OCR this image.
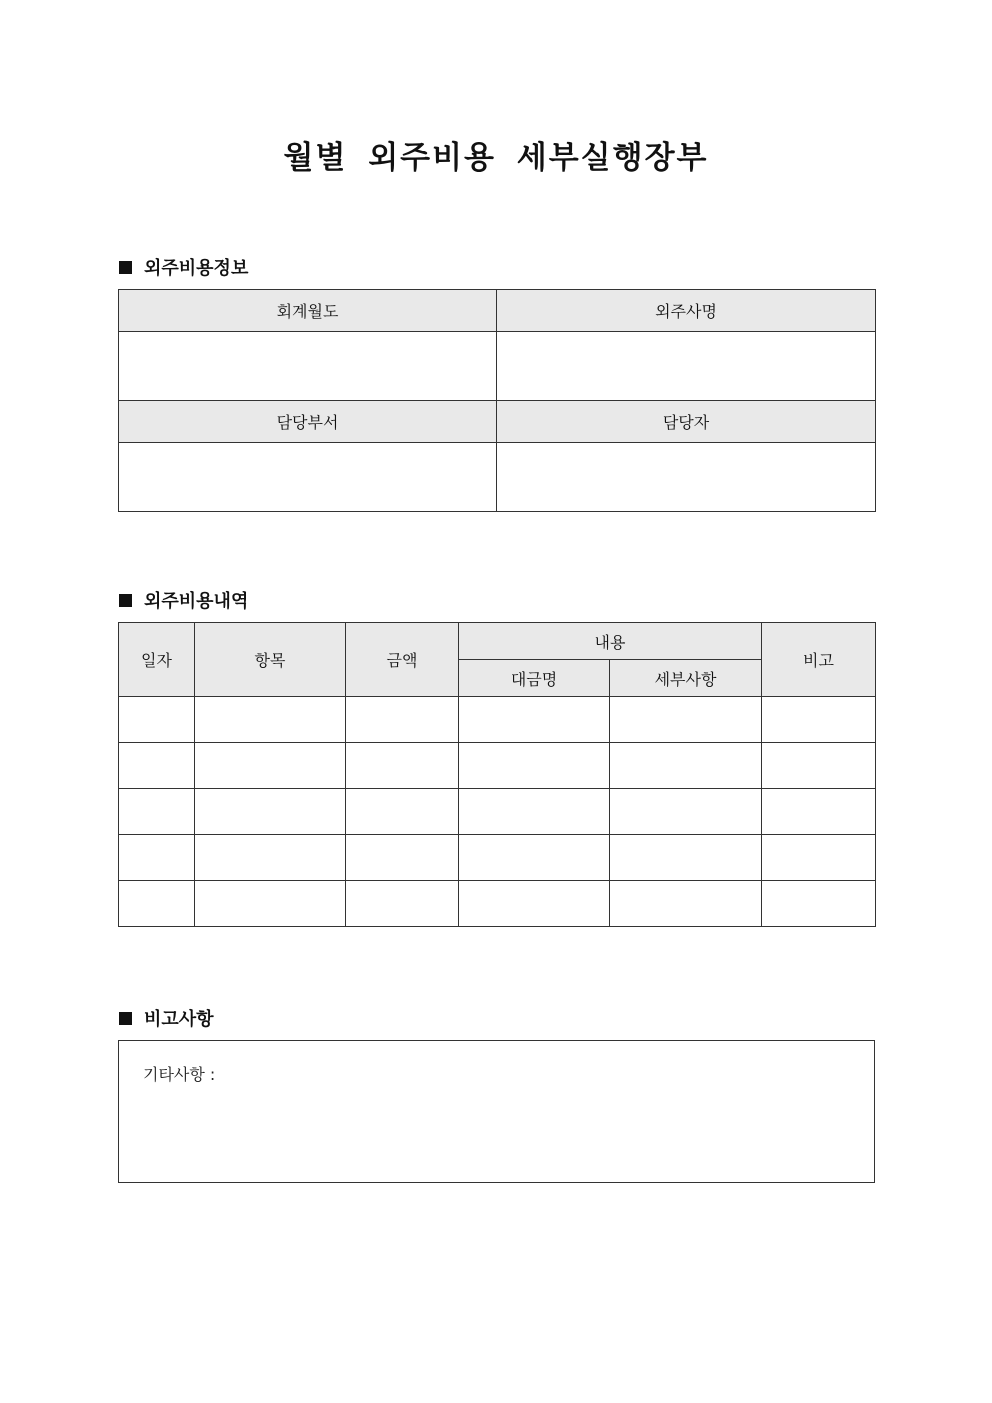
월별 외주비용 세부실행장부
외주비용정보
회계월도	외주사명

담당부서	담당자

외주비용내역
일자	항목	금액	내용		비고
			대금명	세부사항	

비고사항
기타사항 :
